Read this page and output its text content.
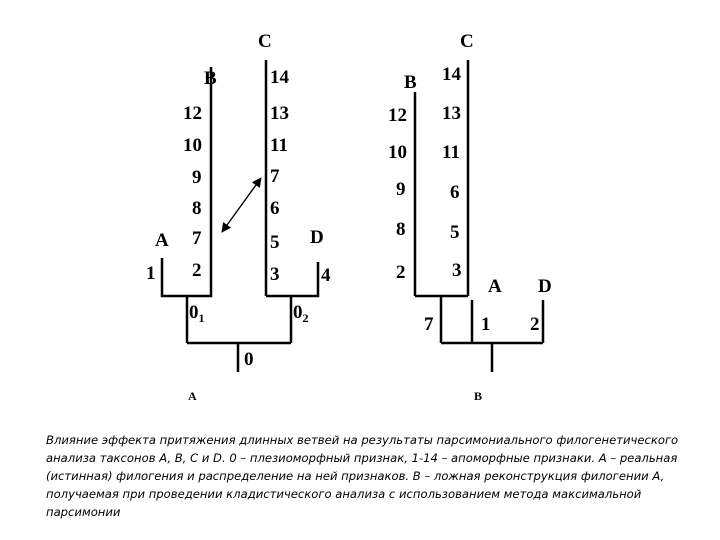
A
B
C
D
1
12
10
9
8
7
2
14
13
11
7
6
5
3 4
$0_1$	$0_2$
0
A
B
C
A D
12
10
9
8
2
14
13
11
6
5
3
7	1 2
B

Влияние эффекта притяжения длинных ветвей на результаты парсимониального филогенетического анализа таксонов A, B, C и D. 0 – плезиоморфный признак, 1-14 – апоморфные признаки. A – реальная (истинная) филогения и распределение на ней признаков. B – ложная реконструкция филогении A, получаемая при проведении кладистического анализа с использованием метода максимальной парсимонии
